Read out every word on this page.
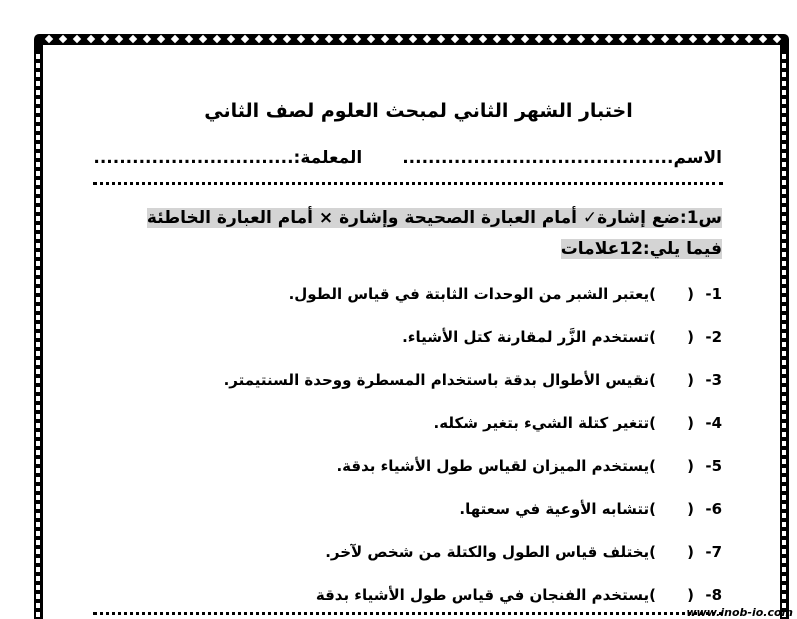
اختبار الشهر الثاني لمبحث العلوم لصف الثاني
الاسم..........................................المعلمة:...............................
س1:ضع إشارة✓ أمام العبارة الصحيحة وإشارة × أمام العبارة الخاطئة فيما يلي:12علامات
1-()يعتبر الشبر من الوحدات الثابتة في قياس الطول.
2-()تستخدم الزَّر لمقارنة كتل الأشياء.
3-()نقيس الأطوال بدقة باستخدام المسطرة ووحدة السنتيمتر.
4-()تتغير كتلة الشيء بتغير شكله.
5-()يستخدم الميزان لقياس طول الأشياء بدقة.
6-()تتشابه الأوعية في سعتها.
7-()يختلف قياس الطول والكتلة من شخص لآخر.
8-()يستخدم الفنجان في قياس طول الأشياء بدقة
www.inob-io.com
